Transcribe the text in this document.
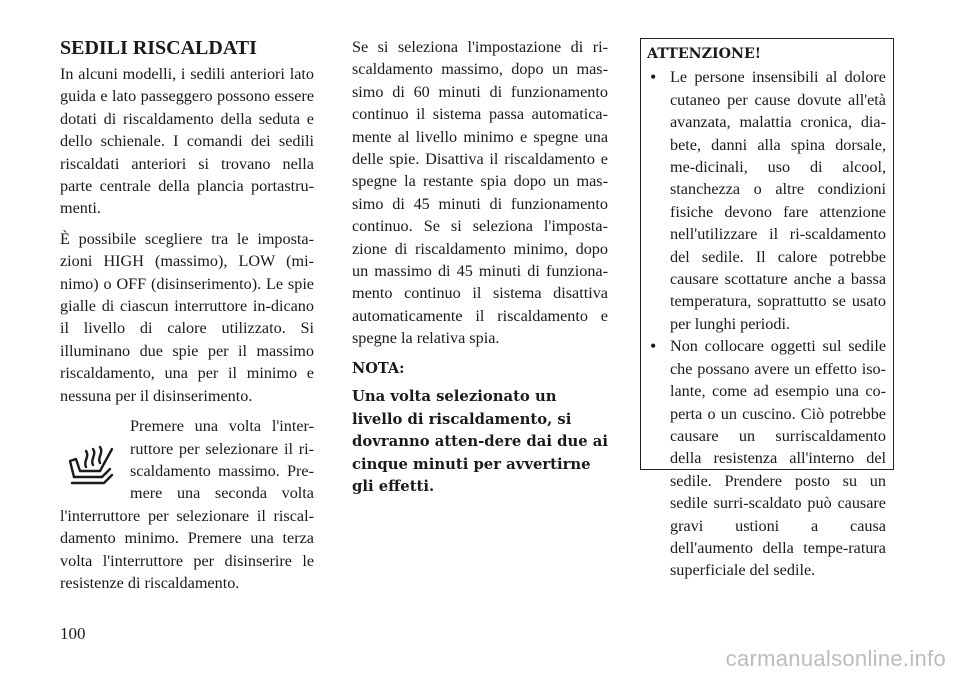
SEDILI RISCALDATI

In alcuni modelli, i sedili anteriori lato guida e lato passeggero possono essere dotati di riscaldamento della seduta e dello schienale. I comandi dei sedili riscaldati anteriori si trovano nella parte centrale della plancia portastru-menti.

È possibile scegliere tra le imposta-zioni HIGH (massimo), LOW (mi-nimo) o OFF (disinserimento). Le spie gialle di ciascun interruttore in-dicano il livello di calore utilizzato. Si illuminano due spie per il massimo riscaldamento, una per il minimo e nessuna per il disinserimento.

Premere una volta l'inter-ruttore per selezionare il ri-scaldamento massimo. Pre-mere una seconda volta l'interruttore per selezionare il riscal-damento minimo. Premere una terza volta l'interruttore per disinserire le resistenze di riscaldamento.

Se si seleziona l'impostazione di ri-scaldamento massimo, dopo un mas-simo di 60 minuti di funzionamento continuo il sistema passa automatica-mente al livello minimo e spegne una delle spie. Disattiva il riscaldamento e spegne la restante spia dopo un mas-simo di 45 minuti di funzionamento continuo. Se si seleziona l'imposta-zione di riscaldamento minimo, dopo un massimo di 45 minuti di funziona-mento continuo il sistema disattiva automaticamente il riscaldamento e spegne la relativa spia.

NOTA:

Una volta selezionato un livello di riscaldamento, si dovranno atten-dere dai due ai cinque minuti per avvertirne gli effetti.

ATTENZIONE!
• Le persone insensibili al dolore cutaneo per cause dovute all'età avanzata, malattia cronica, dia-bete, danni alla spina dorsale, me-dicinali, uso di alcool, stanchezza o altre condizioni fisiche devono fare attenzione nell'utilizzare il ri-scaldamento del sedile. Il calore potrebbe causare scottature anche a bassa temperatura, soprattutto se usato per lunghi periodi.
• Non collocare oggetti sul sedile che possano avere un effetto iso-lante, come ad esempio una co-perta o un cuscino. Ciò potrebbe causare un surriscaldamento della resistenza all'interno del sedile. Prendere posto su un sedile surri-scaldato può causare gravi ustioni a causa dell'aumento della tempe-ratura superficiale del sedile.
100
carmanualsonline.info
